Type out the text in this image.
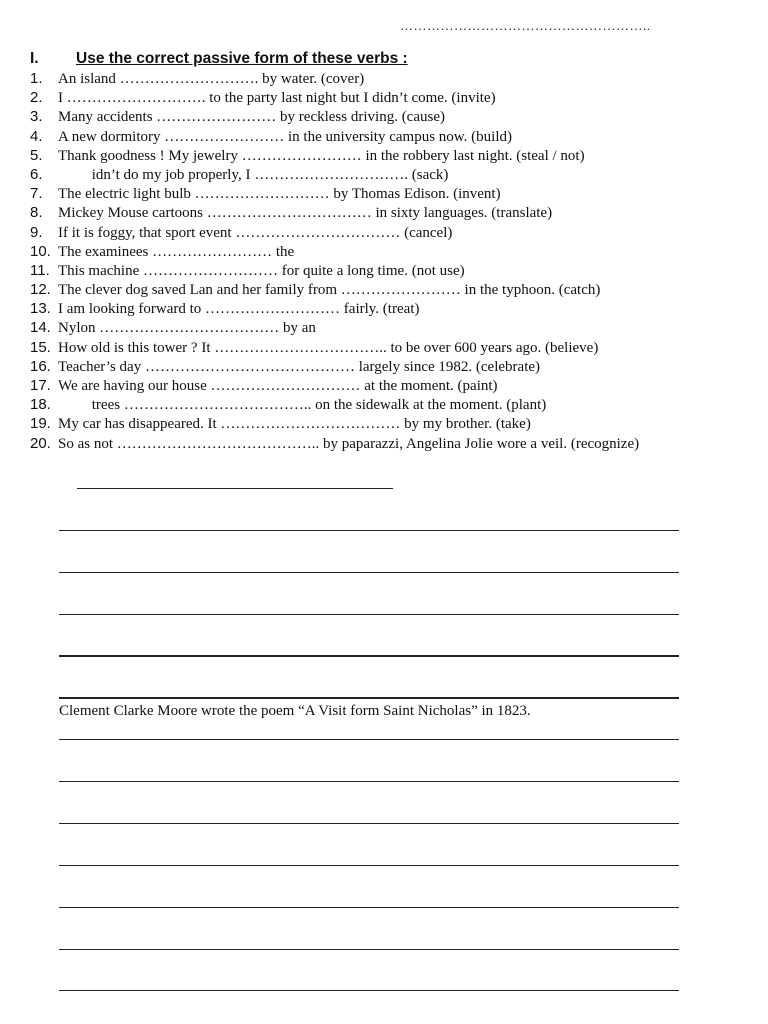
………………………………………………..
I. Use the correct passive form of these verbs :
1. An island ………………………. by water. (cover)
2. I ………………………. to the party last night but I didn’t come. (invite)
3. Many accidents …………………… by reckless driving. (cause)
4. A new dormitory …………………… in the university campus now. (build)
5. Thank goodness ! My jewelry …………………… in the robbery last night. (steal / not)
6.         idn’t do my job properly, I …………………………. (sack)
7. The electric light bulb ……………………… by Thomas Edison. (invent)
8. Mickey Mouse cartoons …………………………… in sixty languages. (translate)
9. If it is foggy, that sport event …………………………… (cancel)
10. The examinees …………………… the
11. This machine ……………………… for quite a long time. (not use)
12. The clever dog saved Lan and her family from …………………… in the typhoon. (catch)
13. I am looking forward to ……………………… fairly. (treat)
14. Nylon ……………………………… by an
15. How old is this tower ? It …………………………….. to be over 600 years ago. (believe)
16. Teacher’s day …………………………………… largely since 1982. (celebrate)
17. We are having our house ………………………… at the moment. (paint)
18.         trees ……………………………….. on the sidewalk at the moment. (plant)
19. My car has disappeared. It ……………………………… by my brother. (take)
20. So as not ………………………………….. by paparazzi, Angelina Jolie wore a veil. (recognize)
Clement Clarke Moore wrote the poem “A Visit form Saint Nicholas” in 1823.
